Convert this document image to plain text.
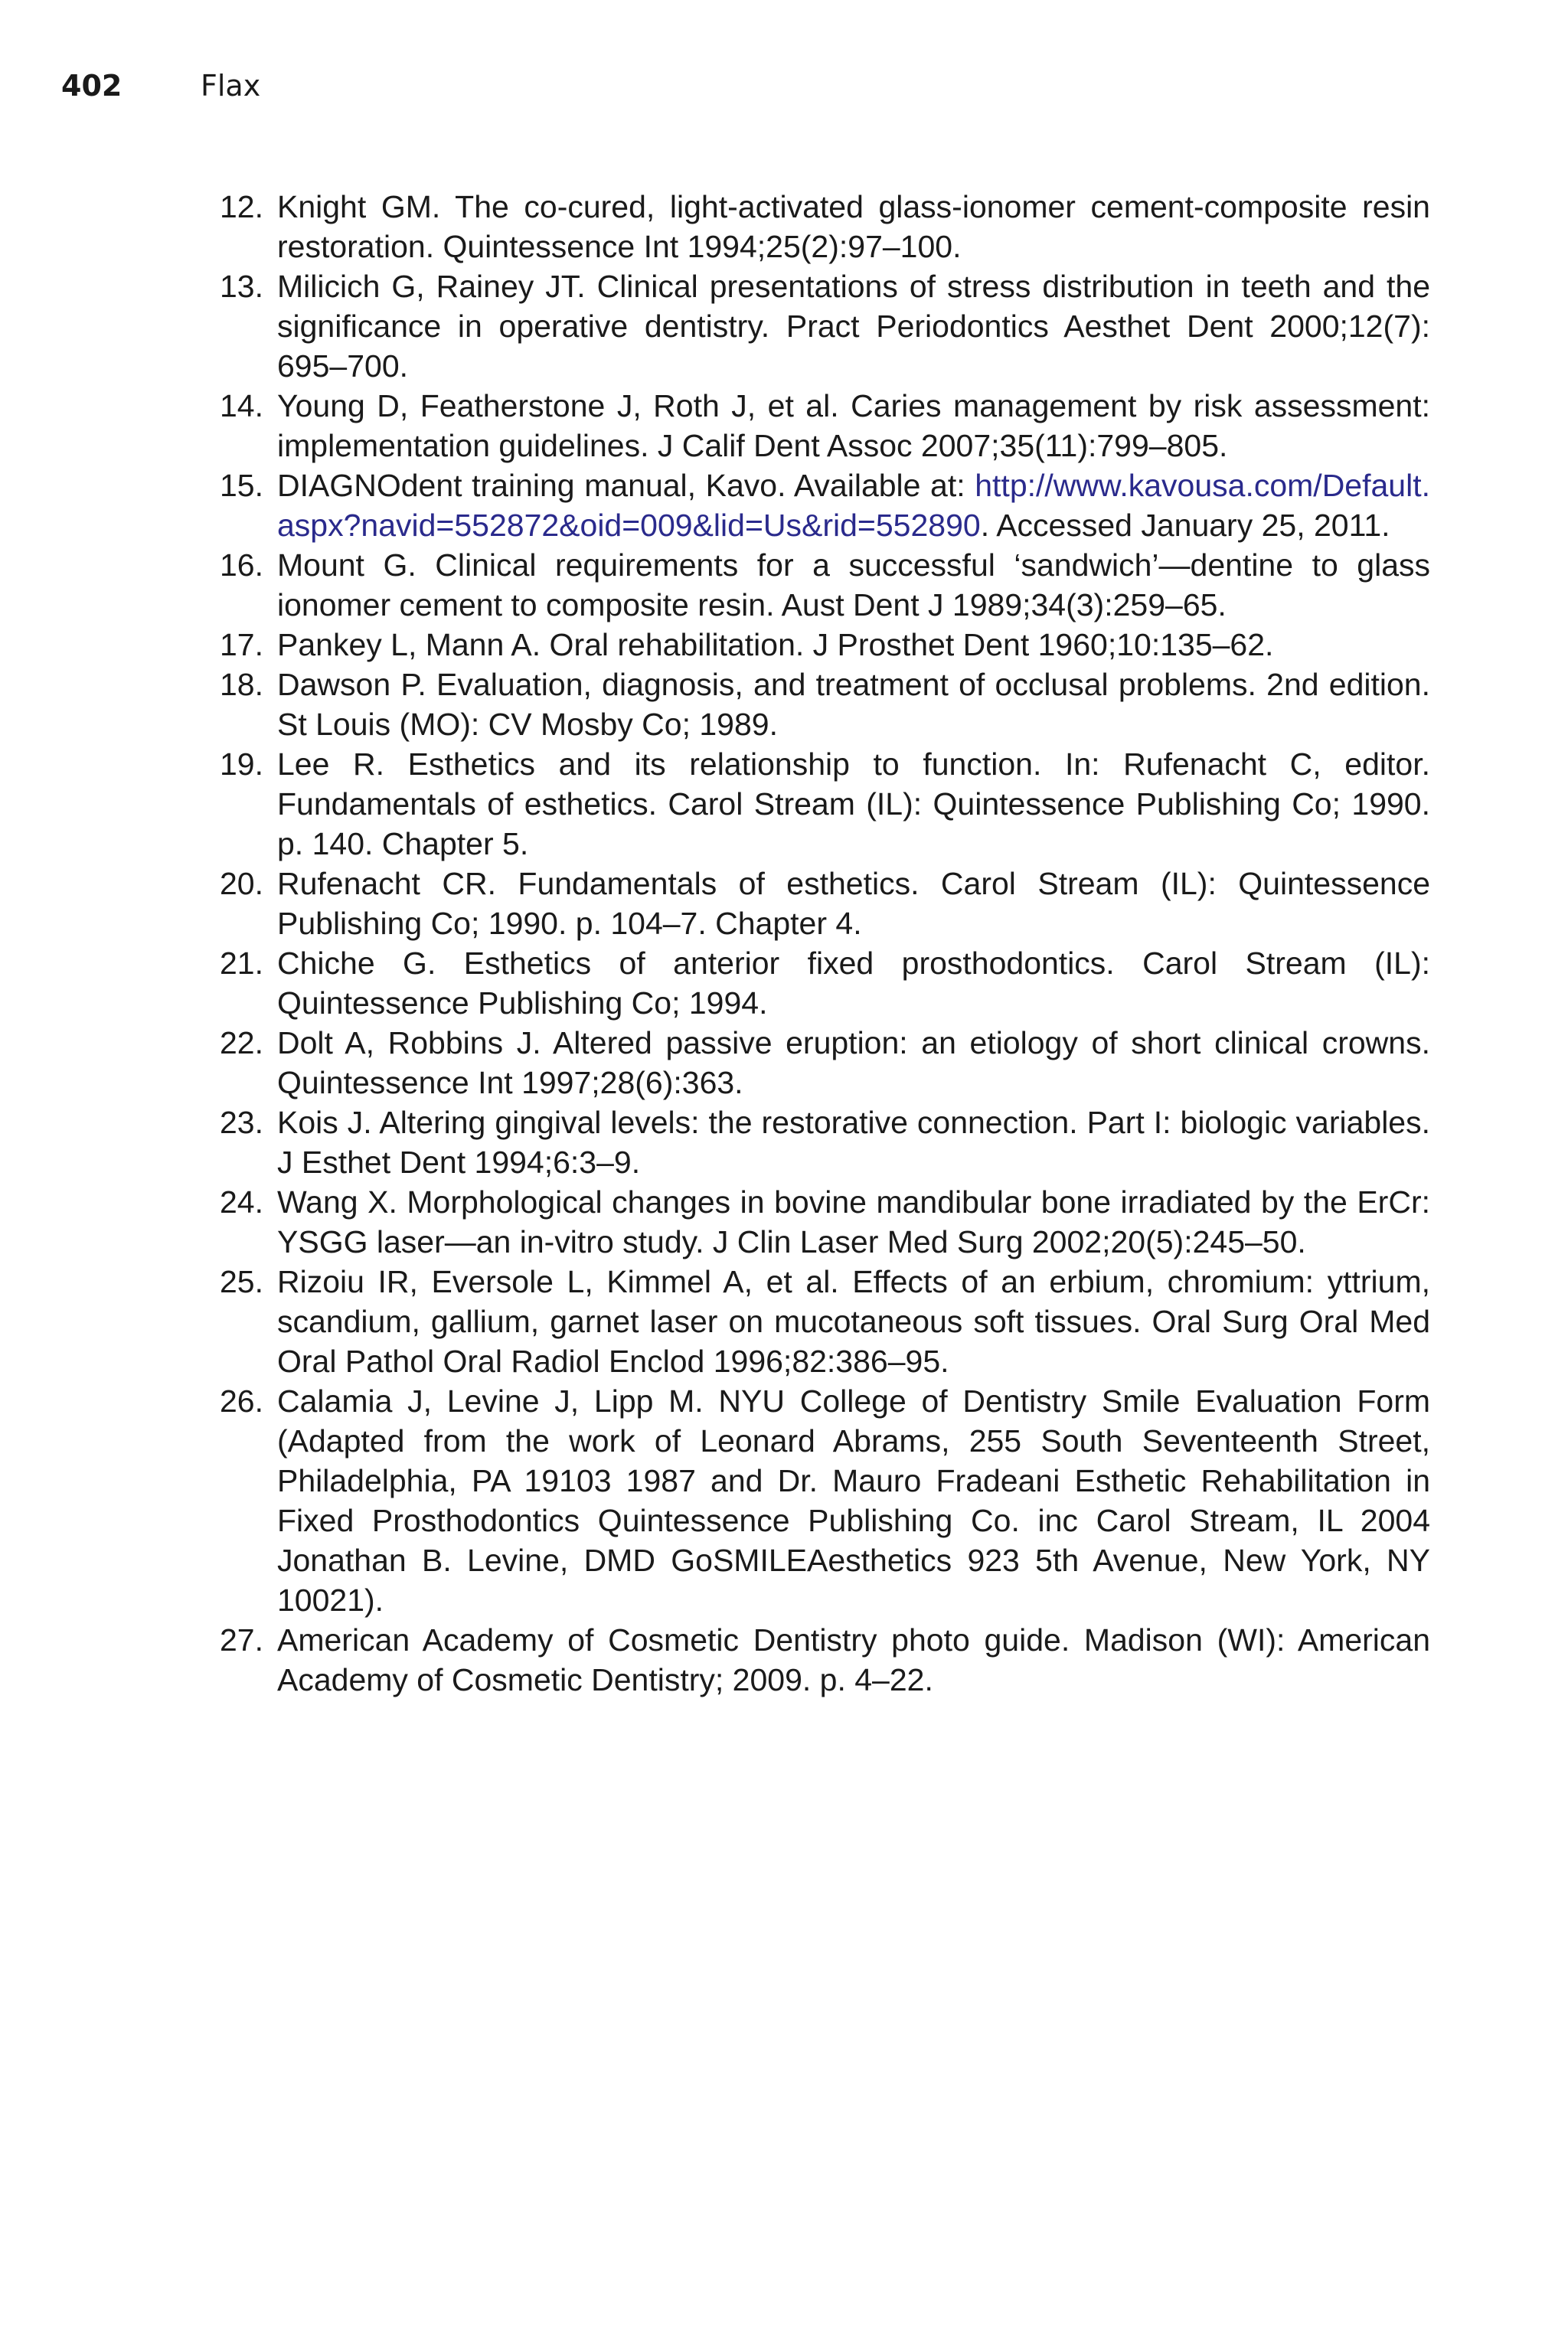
402	Flax
12. Knight GM. The co-cured, light-activated glass-ionomer cement-composite resin restoration. Quintessence Int 1994;25(2):97–100.
13. Milicich G, Rainey JT. Clinical presentations of stress distribution in teeth and the significance in operative dentistry. Pract Periodontics Aesthet Dent 2000;12(7): 695–700.
14. Young D, Featherstone J, Roth J, et al. Caries management by risk assessment: implementation guidelines. J Calif Dent Assoc 2007;35(11):799–805.
15. DIAGNOdent training manual, Kavo. Available at: http://www.kavousa.com/Default.aspx?navid=552872&oid=009&lid=Us&rid=552890. Accessed January 25, 2011.
16. Mount G. Clinical requirements for a successful ‘sandwich’—dentine to glass ionomer cement to composite resin. Aust Dent J 1989;34(3):259–65.
17. Pankey L, Mann A. Oral rehabilitation. J Prosthet Dent 1960;10:135–62.
18. Dawson P. Evaluation, diagnosis, and treatment of occlusal problems. 2nd edition. St Louis (MO): CV Mosby Co; 1989.
19. Lee R. Esthetics and its relationship to function. In: Rufenacht C, editor. Fundamentals of esthetics. Carol Stream (IL): Quintessence Publishing Co; 1990. p. 140. Chapter 5.
20. Rufenacht CR. Fundamentals of esthetics. Carol Stream (IL): Quintessence Publishing Co; 1990. p. 104–7. Chapter 4.
21. Chiche G. Esthetics of anterior fixed prosthodontics. Carol Stream (IL): Quintessence Publishing Co; 1994.
22. Dolt A, Robbins J. Altered passive eruption: an etiology of short clinical crowns. Quintessence Int 1997;28(6):363.
23. Kois J. Altering gingival levels: the restorative connection. Part I: biologic variables. J Esthet Dent 1994;6:3–9.
24. Wang X. Morphological changes in bovine mandibular bone irradiated by the ErCr: YSGG laser—an in-vitro study. J Clin Laser Med Surg 2002;20(5):245–50.
25. Rizoiu IR, Eversole L, Kimmel A, et al. Effects of an erbium, chromium: yttrium, scandium, gallium, garnet laser on mucotaneous soft tissues. Oral Surg Oral Med Oral Pathol Oral Radiol Enclod 1996;82:386–95.
26. Calamia J, Levine J, Lipp M. NYU College of Dentistry Smile Evaluation Form (Adapted from the work of Leonard Abrams, 255 South Seventeenth Street, Philadelphia, PA 19103 1987 and Dr. Mauro Fradeani Esthetic Rehabilitation in Fixed Prosthodontics Quintessence Publishing Co. inc Carol Stream, IL 2004 Jonathan B. Levine, DMD GoSMILEAesthetics 923 5th Avenue, New York, NY 10021).
27. American Academy of Cosmetic Dentistry photo guide. Madison (WI): American Academy of Cosmetic Dentistry; 2009. p. 4–22.
